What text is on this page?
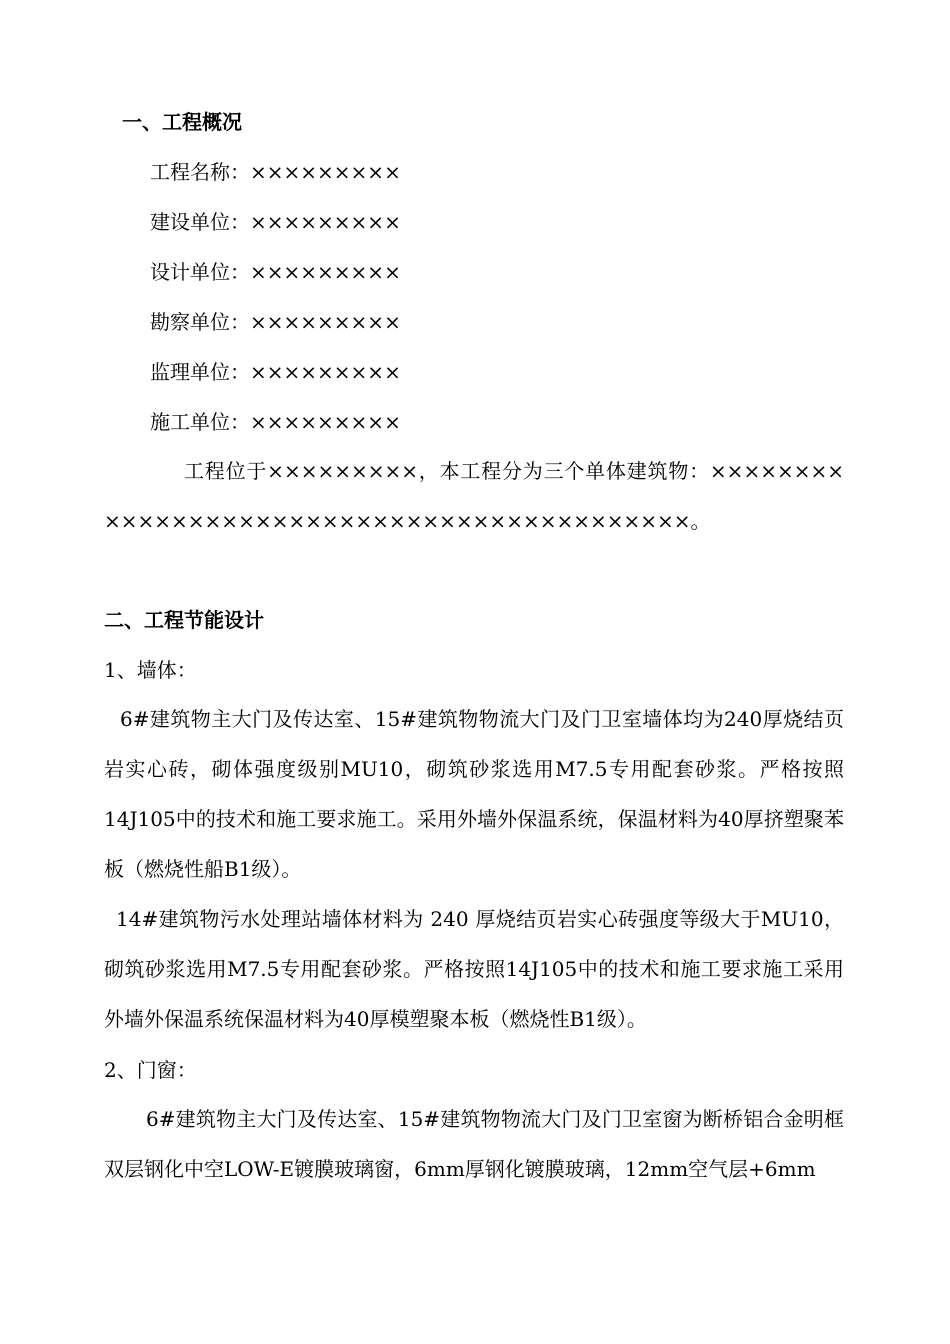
一、工程概况
工程名称：×××××××××
建设单位：×××××××××
设计单位：×××××××××
勘察单位：×××××××××
监理单位：×××××××××
施工单位：×××××××××

工程位于×××××××××，本工程分为三个单体建筑物：×××××××××××××××××××××××××××××××××××××××××××。

二、工程节能设计
1、墙体：

6#建筑物主大门及传达室、15#建筑物物流大门及门卫室墙体均为240厚烧结页岩实心砖，砌体强度级别MU10，砌筑砂浆选用M7.5专用配套砂浆。严格按照14J105中的技术和施工要求施工。采用外墙外保温系统，保温材料为40厚挤塑聚苯板（燃烧性船B1级）。

14#建筑物污水处理站墙体材料为 240 厚烧结页岩实心砖强度等级大于MU10，砌筑砂浆选用M7.5专用配套砂浆。严格按照14J105中的技术和施工要求施工采用外墙外保温系统保温材料为40厚模塑聚本板（燃烧性B1级）。

2、门窗：

6#建筑物主大门及传达室、15#建筑物物流大门及门卫室窗为断桥铝合金明框双层钢化中空LOW-E镀膜玻璃窗，6mm厚钢化镀膜玻璃，12mm空气层+6mm
